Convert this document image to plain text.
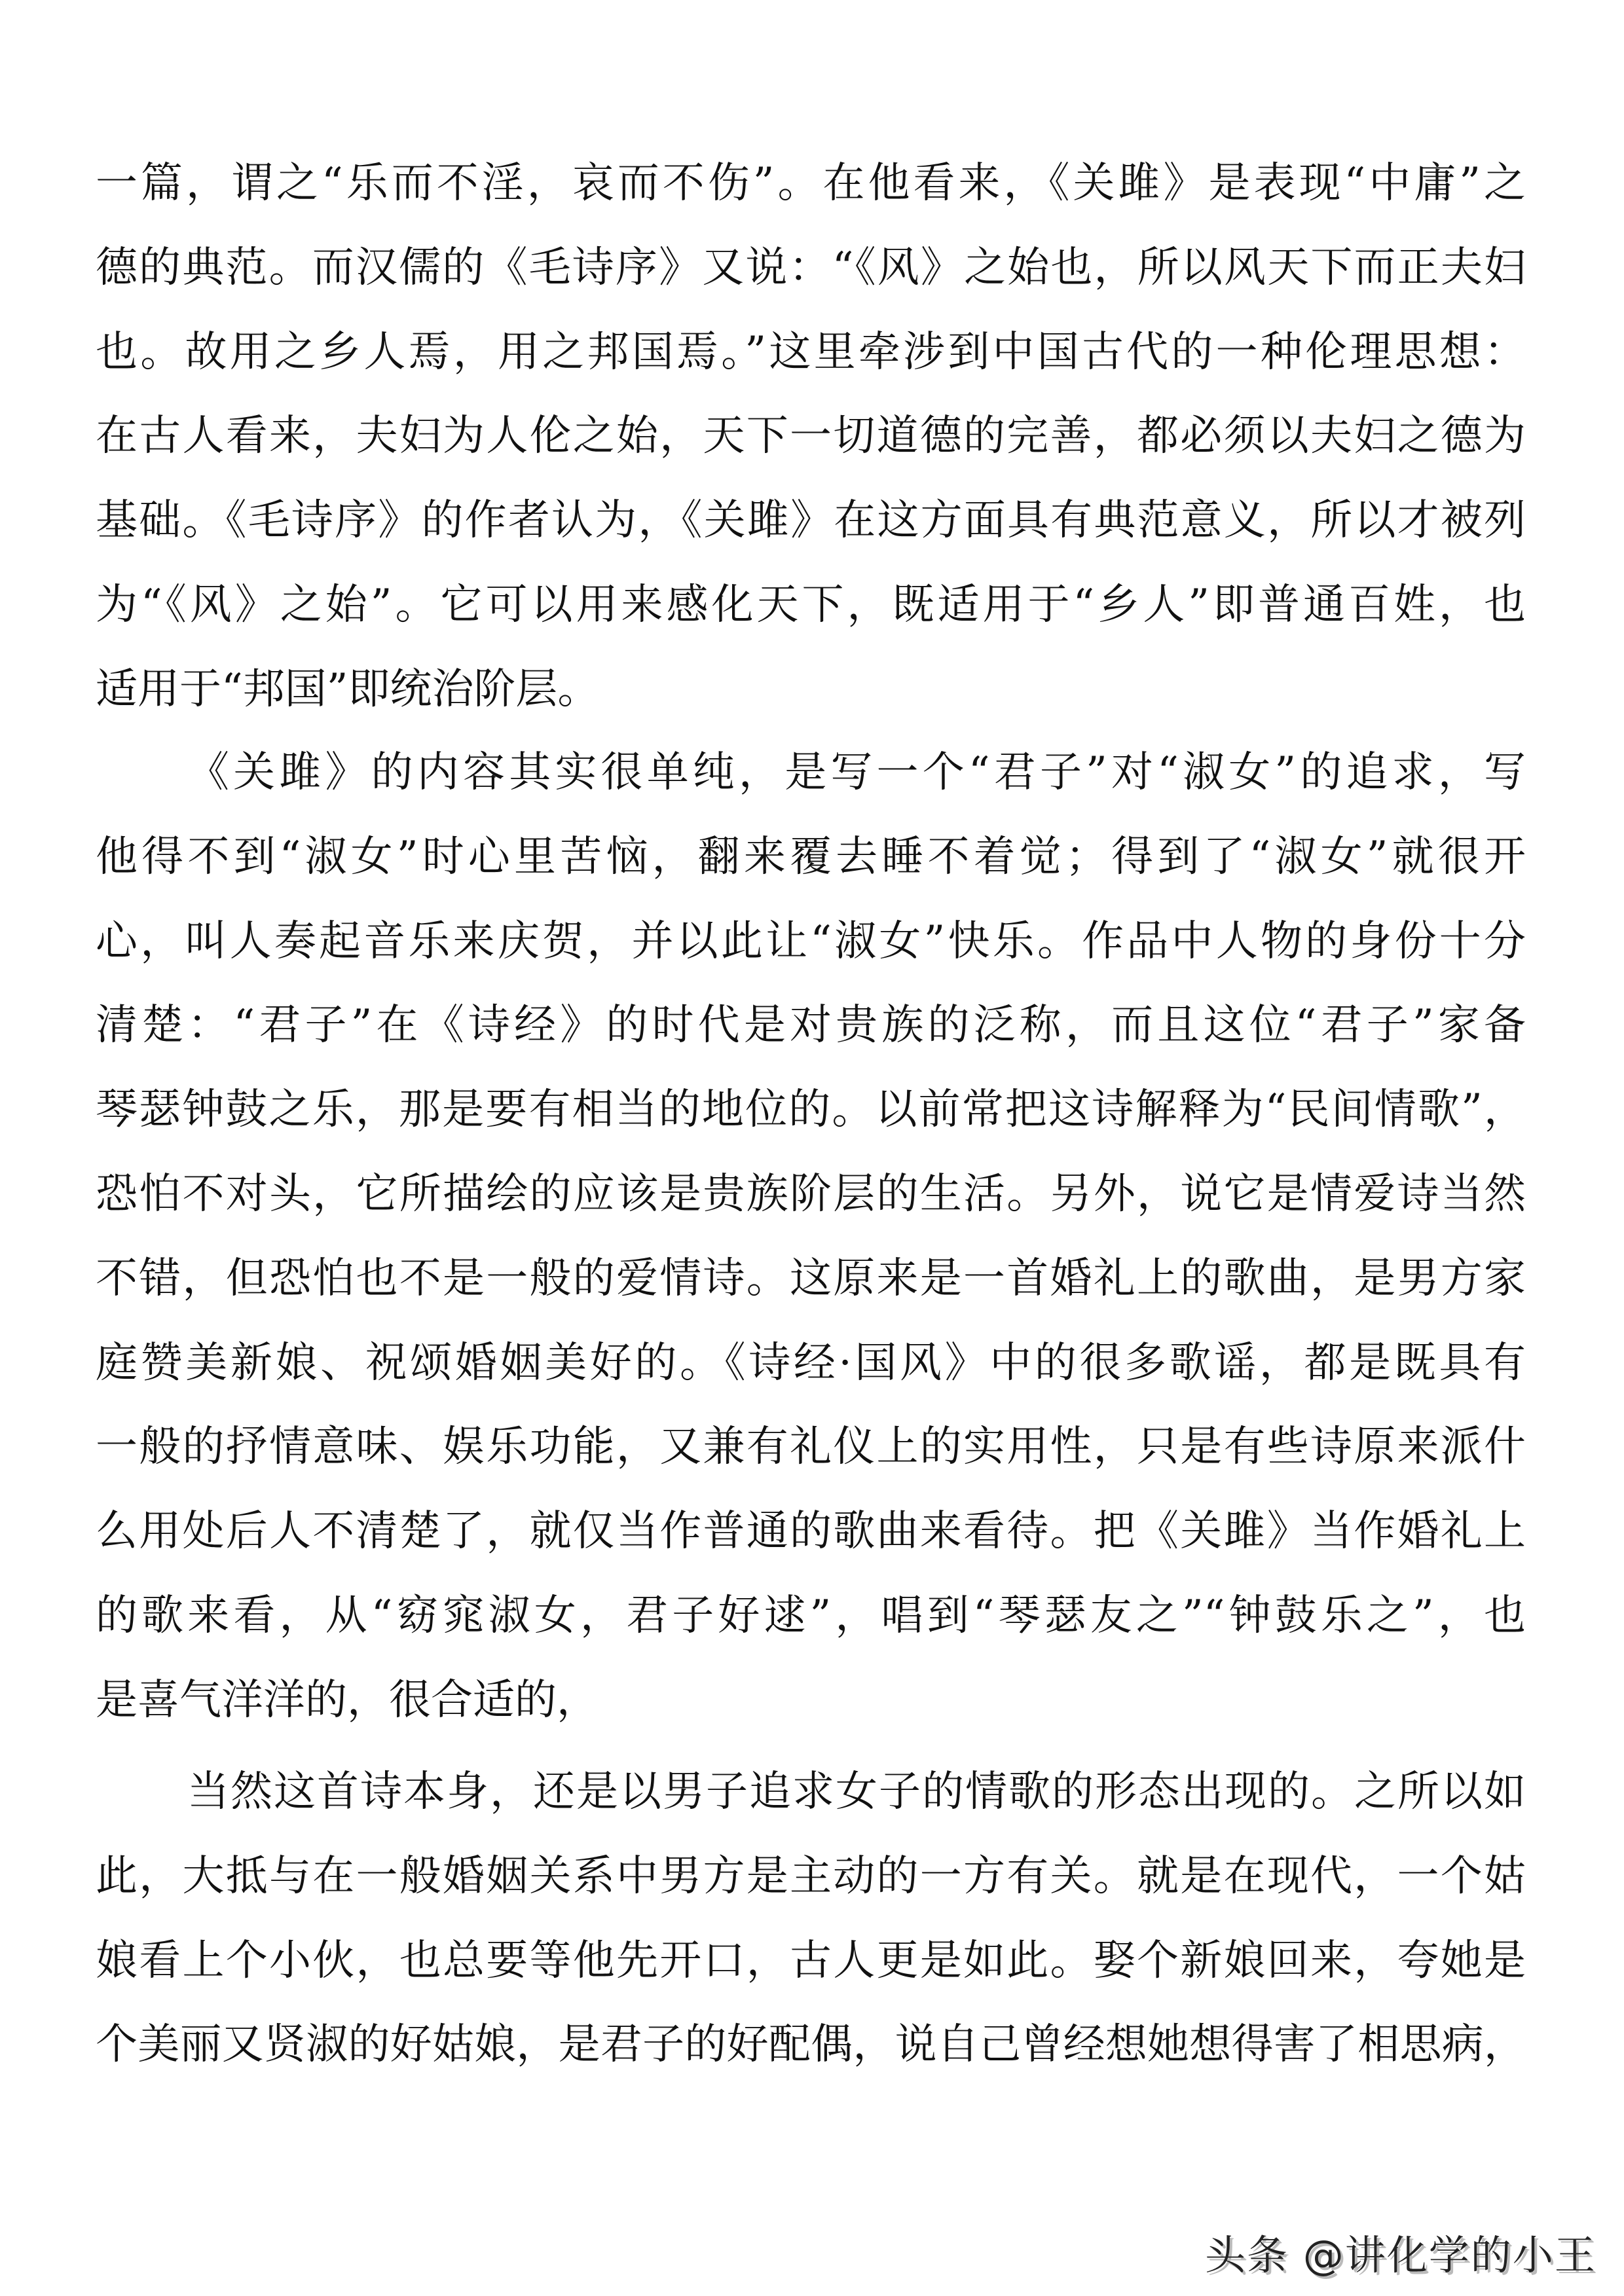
一篇，谓之“乐而不淫，哀而不伤”。在他看来，《关雎》是表现“中庸”之
德的典范。而汉儒的《毛诗序》又说：“《风》之始也，所以风天下而正夫妇
也。故用之乡人焉，用之邦国焉。”这里牵涉到中国古代的一种伦理思想：
在古人看来，夫妇为人伦之始，天下一切道德的完善，都必须以夫妇之德为
基础。《毛诗序》的作者认为，《关雎》在这方面具有典范意义，所以才被列
为“《风》之始”。它可以用来感化天下，既适用于“乡人”即普通百姓，也
适用于“邦国”即统治阶层。
《关雎》的内容其实很单纯，是写一个“君子”对“淑女”的追求，写
他得不到“淑女”时心里苦恼，翻来覆去睡不着觉；得到了“淑女”就很开
心，叫人奏起音乐来庆贺，并以此让“淑女”快乐。作品中人物的身份十分
清楚：“君子”在《诗经》的时代是对贵族的泛称，而且这位“君子”家备
琴瑟钟鼓之乐，那是要有相当的地位的。以前常把这诗解释为“民间情歌”，
恐怕不对头，它所描绘的应该是贵族阶层的生活。另外，说它是情爱诗当然
不错，但恐怕也不是一般的爱情诗。这原来是一首婚礼上的歌曲，是男方家
庭赞美新娘、祝颂婚姻美好的。《诗经·国风》中的很多歌谣，都是既具有
一般的抒情意味、娱乐功能，又兼有礼仪上的实用性，只是有些诗原来派什
么用处后人不清楚了，就仅当作普通的歌曲来看待。把《关雎》当作婚礼上
的歌来看，从“窈窕淑女，君子好逑”，唱到“琴瑟友之”“钟鼓乐之”，也
是喜气洋洋的，很合适的，
当然这首诗本身，还是以男子追求女子的情歌的形态出现的。之所以如
此，大抵与在一般婚姻关系中男方是主动的一方有关。就是在现代，一个姑
娘看上个小伙，也总要等他先开口，古人更是如此。娶个新娘回来，夸她是
个美丽又贤淑的好姑娘，是君子的好配偶，说自己曾经想她想得害了相思病，
头条 @讲化学的小王
